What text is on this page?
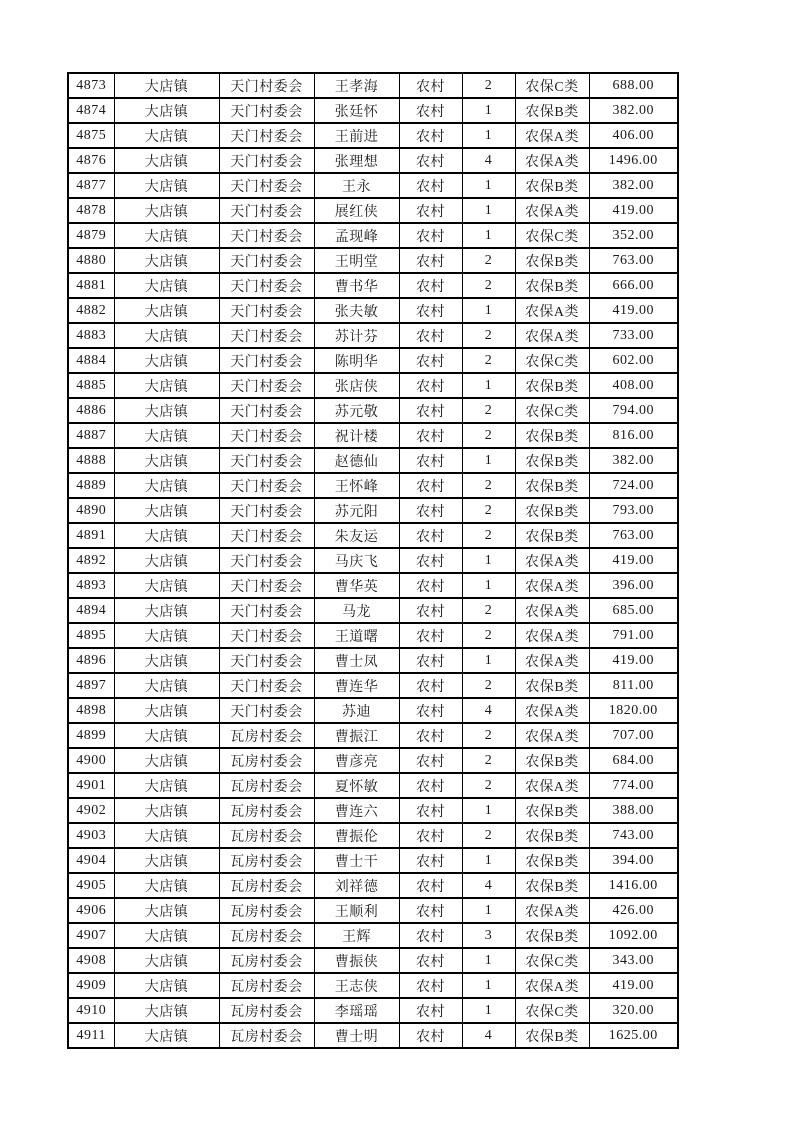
4873	大店镇	天门村委会	王孝海	农村	2	农保C类	688.00
4874	大店镇	天门村委会	张廷怀	农村	1	农保B类	382.00
4875	大店镇	天门村委会	王前进	农村	1	农保A类	406.00
4876	大店镇	天门村委会	张理想	农村	4	农保A类	1496.00
4877	大店镇	天门村委会	王永	农村	1	农保B类	382.00
4878	大店镇	天门村委会	展红侠	农村	1	农保A类	419.00
4879	大店镇	天门村委会	孟现峰	农村	1	农保C类	352.00
4880	大店镇	天门村委会	王明堂	农村	2	农保B类	763.00
4881	大店镇	天门村委会	曹书华	农村	2	农保B类	666.00
4882	大店镇	天门村委会	张夫敏	农村	1	农保A类	419.00
4883	大店镇	天门村委会	苏计芬	农村	2	农保A类	733.00
4884	大店镇	天门村委会	陈明华	农村	2	农保C类	602.00
4885	大店镇	天门村委会	张店侠	农村	1	农保B类	408.00
4886	大店镇	天门村委会	苏元敬	农村	2	农保C类	794.00
4887	大店镇	天门村委会	祝计楼	农村	2	农保B类	816.00
4888	大店镇	天门村委会	赵德仙	农村	1	农保B类	382.00
4889	大店镇	天门村委会	王怀峰	农村	2	农保B类	724.00
4890	大店镇	天门村委会	苏元阳	农村	2	农保B类	793.00
4891	大店镇	天门村委会	朱友运	农村	2	农保B类	763.00
4892	大店镇	天门村委会	马庆飞	农村	1	农保A类	419.00
4893	大店镇	天门村委会	曹华英	农村	1	农保A类	396.00
4894	大店镇	天门村委会	马龙	农村	2	农保A类	685.00
4895	大店镇	天门村委会	王道曙	农村	2	农保A类	791.00
4896	大店镇	天门村委会	曹士凤	农村	1	农保A类	419.00
4897	大店镇	天门村委会	曹连华	农村	2	农保B类	811.00
4898	大店镇	天门村委会	苏迪	农村	4	农保A类	1820.00
4899	大店镇	瓦房村委会	曹振江	农村	2	农保A类	707.00
4900	大店镇	瓦房村委会	曹彦亮	农村	2	农保B类	684.00
4901	大店镇	瓦房村委会	夏怀敏	农村	2	农保A类	774.00
4902	大店镇	瓦房村委会	曹连六	农村	1	农保B类	388.00
4903	大店镇	瓦房村委会	曹振伦	农村	2	农保B类	743.00
4904	大店镇	瓦房村委会	曹士干	农村	1	农保B类	394.00
4905	大店镇	瓦房村委会	刘祥德	农村	4	农保B类	1416.00
4906	大店镇	瓦房村委会	王顺利	农村	1	农保A类	426.00
4907	大店镇	瓦房村委会	王辉	农村	3	农保B类	1092.00
4908	大店镇	瓦房村委会	曹振侠	农村	1	农保C类	343.00
4909	大店镇	瓦房村委会	王志侠	农村	1	农保A类	419.00
4910	大店镇	瓦房村委会	李瑶瑶	农村	1	农保C类	320.00
4911	大店镇	瓦房村委会	曹士明	农村	4	农保B类	1625.00
